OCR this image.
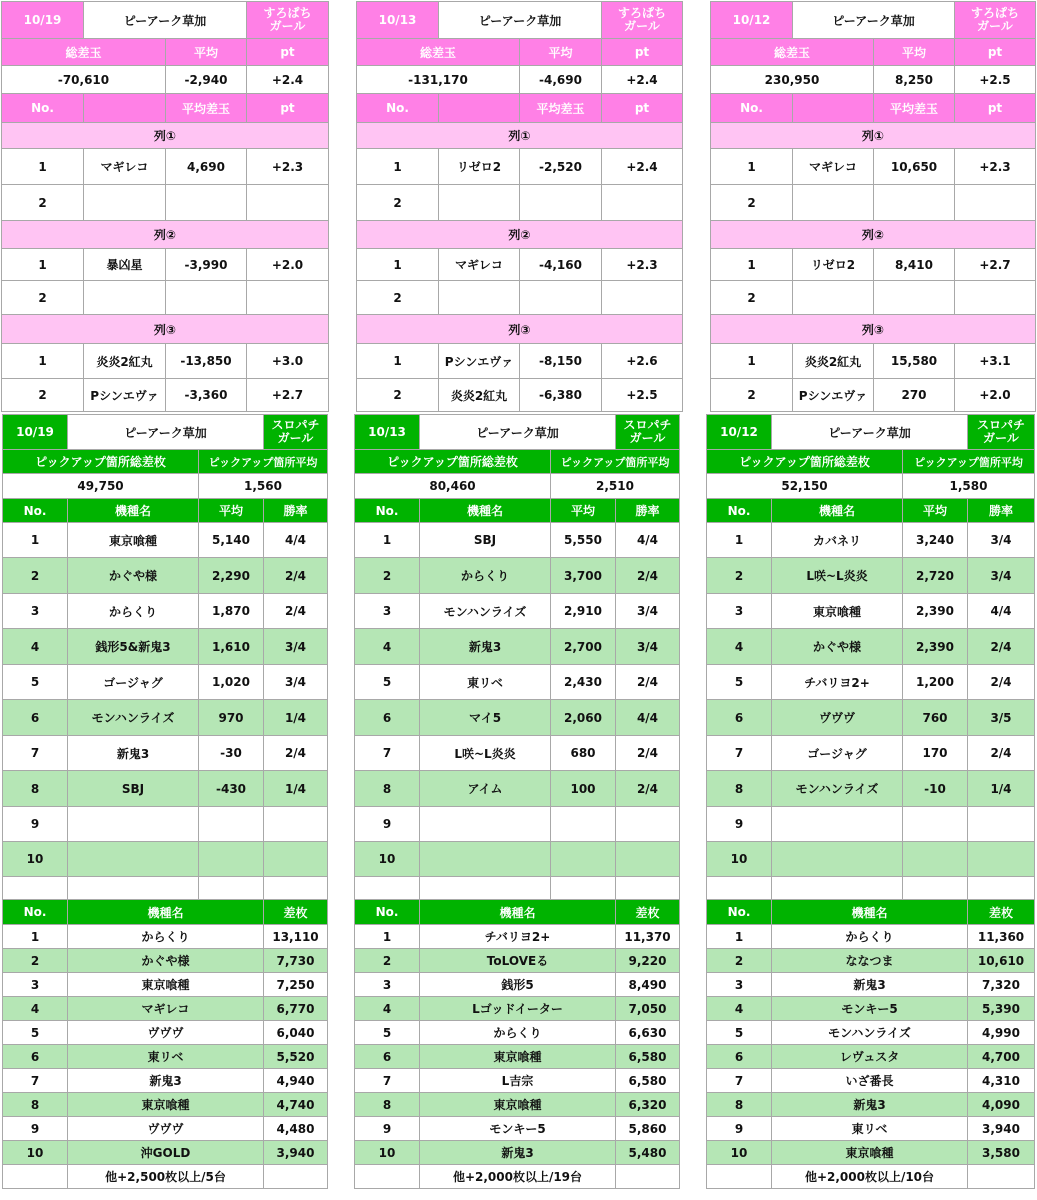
10/19	ピーアーク草加		すろぱちガール		10/13	ピーアーク草加		すろぱちガール		10/12	ピーアーク草加		すろぱちガール

総差玉		平均	pt		総差玉		平均	pt		総差玉		平均	pt
-70,610		-2,940	+2.4		-131,170		-4,690	+2.4		230,950		8,250	+2.5
No.		平均差玉	pt		No.		平均差玉	pt		No.		平均差玉	pt
列①					列①					列①			
1	マギレコ	4,690	+2.3		1	リゼロ2	-2,520	+2.4		1	マギレコ	10,650	+2.3
2					2					2			
列②					列②					列②			
1	暴凶星	-3,990	+2.0		1	マギレコ	-4,160	+2.3		1	リゼロ2	8,410	+2.7
2					2					2			
列③					列③					列③			
1	炎炎2紅丸	-13,850	+3.0		1	Pシンエヴァ	-8,150	+2.6		1	炎炎2紅丸	15,580	+3.1
2	Pシンエヴァ	-3,360	+2.7		2	炎炎2紅丸	-6,380	+2.5		2	Pシンエヴァ	270	+2.0
10/19	ピーアーク草加		スロパチガール

ピックアップ箇所総差枚		ピックアップ箇所平均	
49,750		1,560	
No.	機種名	平均	勝率
1	東京喰種	5,140	4/4
2	かぐや様	2,290	2/4
3	からくり	1,870	2/4
4	銭形5&新鬼3	1,610	3/4
5	ゴージャグ	1,020	3/4
6	モンハンライズ	970	1/4
7	新鬼3	-30	2/4
8	SBJ	-430	1/4
9			
10			

No.	機種名		差枚
1	からくり		13,110
2	かぐや様		7,730
3	東京喰種		7,250
4	マギレコ		6,770
5	ヴヴヴ		6,040
6	東リベ		5,520
7	新鬼3		4,940
8	東京喰種		4,740
9	ヴヴヴ		4,480
10	沖GOLD		3,940
	他+2,500枚以上/5台		
10/13	ピーアーク草加		スロパチガール

ピックアップ箇所総差枚		ピックアップ箇所平均	
80,460		2,510	
No.	機種名	平均	勝率
1	SBJ	5,550	4/4
2	からくり	3,700	2/4
3	モンハンライズ	2,910	3/4
4	新鬼3	2,700	3/4
5	東リベ	2,430	2/4
6	マイ5	2,060	4/4
7	L咲~L炎炎	680	2/4
8	アイム	100	2/4
9			
10			

No.	機種名		差枚
1	チバリヨ2+		11,370
2	ToLOVEる		9,220
3	銭形5		8,490
4	Lゴッドイーター		7,050
5	からくり		6,630
6	東京喰種		6,580
7	L吉宗		6,580
8	東京喰種		6,320
9	モンキー5		5,860
10	新鬼3		5,480
	他+2,000枚以上/19台		
10/12	ピーアーク草加		スロパチガール

ピックアップ箇所総差枚		ピックアップ箇所平均	
52,150		1,580	
No.	機種名	平均	勝率
1	カバネリ	3,240	3/4
2	L咲~L炎炎	2,720	3/4
3	東京喰種	2,390	4/4
4	かぐや様	2,390	2/4
5	チバリヨ2+	1,200	2/4
6	ヴヴヴ	760	3/5
7	ゴージャグ	170	2/4
8	モンハンライズ	-10	1/4
9			
10			

No.	機種名		差枚
1	からくり		11,360
2	ななつま		10,610
3	新鬼3		7,320
4	モンキー5		5,390
5	モンハンライズ		4,990
6	レヴュスタ		4,700
7	いざ番長		4,310
8	新鬼3		4,090
9	東リベ		3,940
10	東京喰種		3,580
	他+2,000枚以上/10台		
